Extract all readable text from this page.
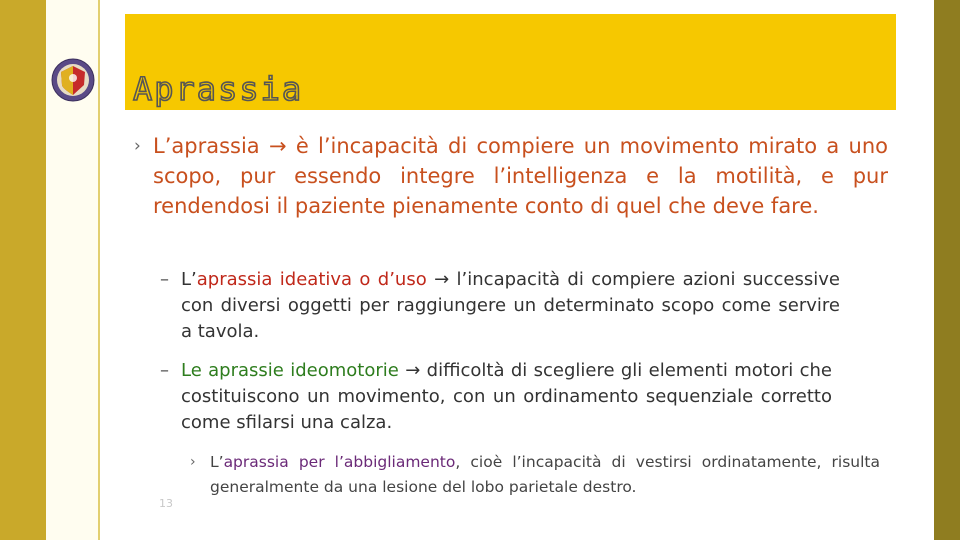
Aprassia
› L’aprassia → è l’incapacità di compiere un movimento mirato a uno scopo, pur essendo integre l’intelligenza e la motilità, e pur rendendosi il paziente pienamente conto di quel che deve fare.
– L’aprassia ideativa o d’uso → l’incapacità di compiere azioni successive con diversi oggetti per raggiungere un determinato scopo come servire a tavola.
– Le aprassie ideomotorie → difficoltà di scegliere gli elementi motori che costituiscono un movimento, con un ordinamento sequenziale corretto come sfilarsi una calza.
› L’aprassia per l’abbigliamento, cioè l’incapacità di vestirsi ordinatamente, risulta generalmente da una lesione del lobo parietale destro.
13
